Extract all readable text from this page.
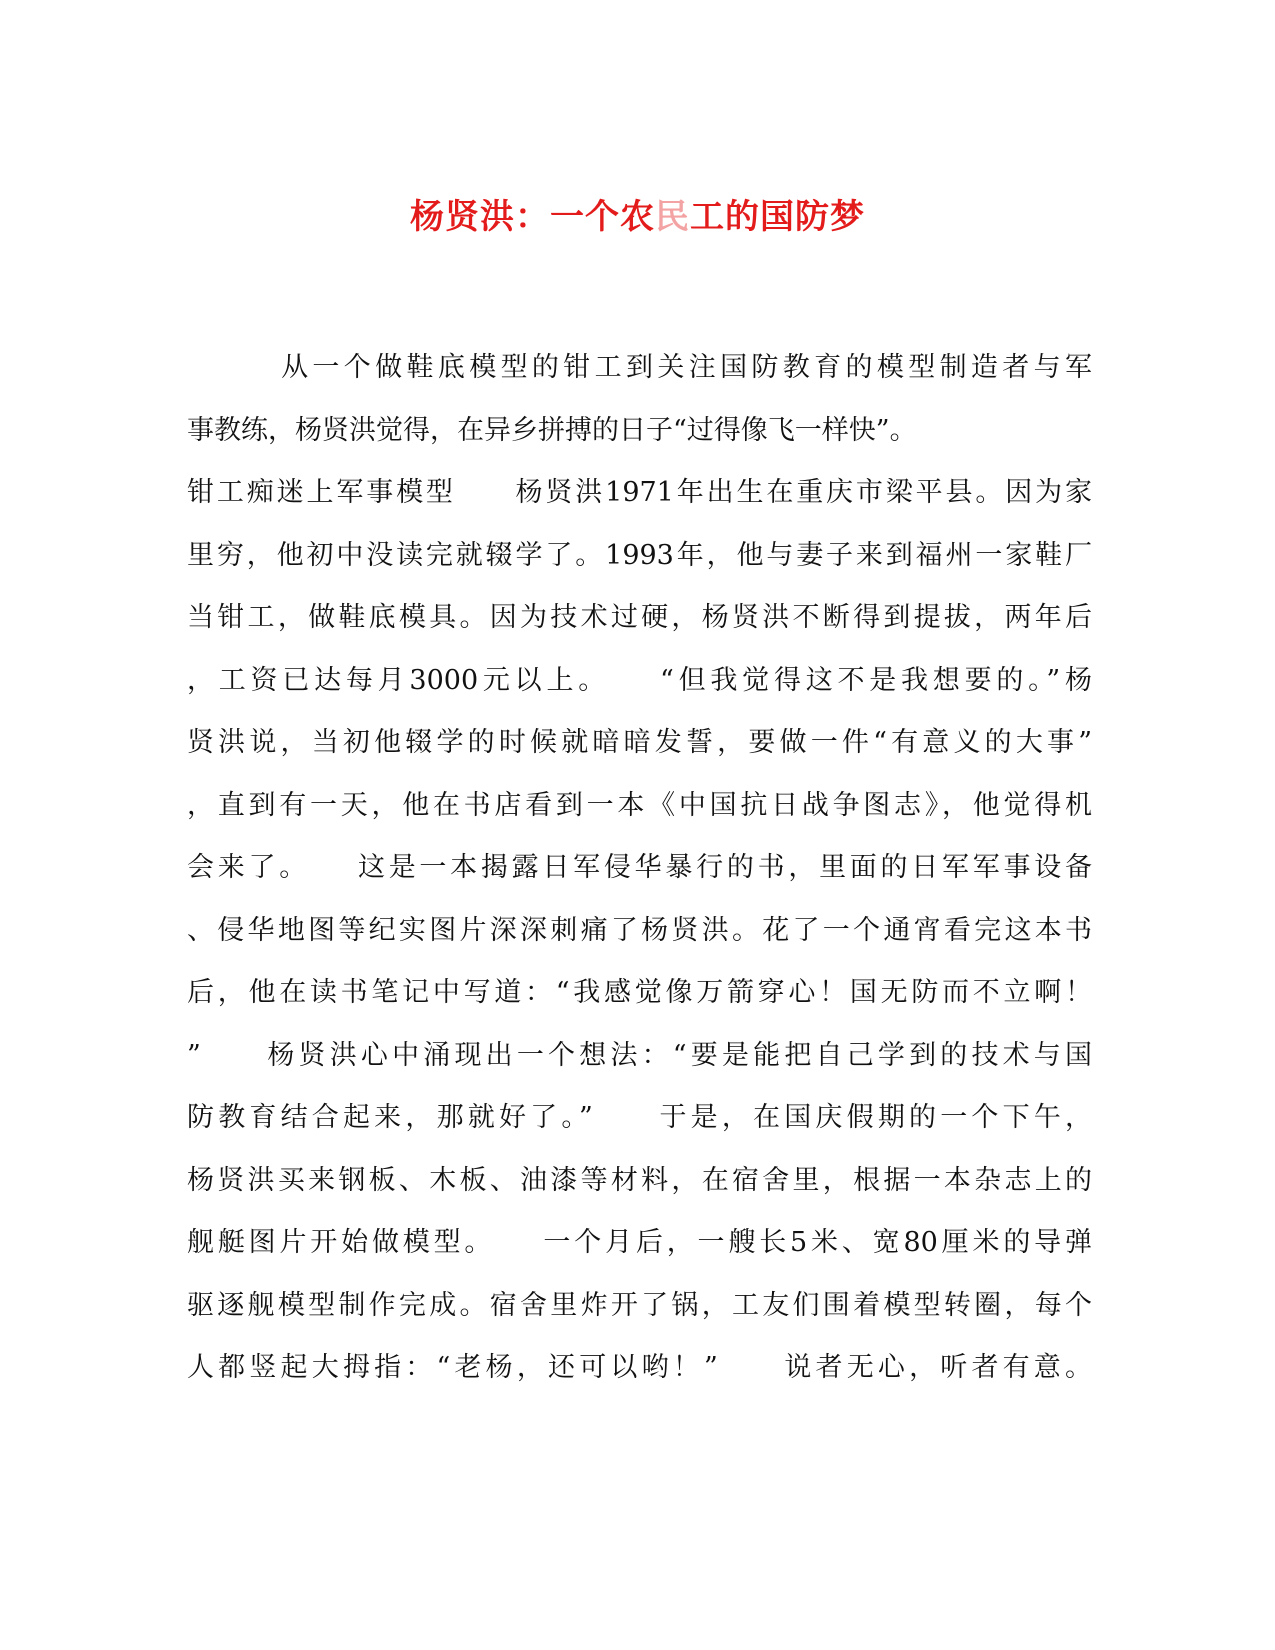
杨贤洪：一个农民工的国防梦
　　　从一个做鞋底模型的钳工到关注国防教育的模型制造者与军
事教练，杨贤洪觉得，在异乡拼搏的日子“过得像飞一样快”。
钳工痴迷上军事模型　　杨贤洪1971年出生在重庆市梁平县。因为家
里穷，他初中没读完就辍学了。1993年，他与妻子来到福州一家鞋厂
当钳工，做鞋底模具。因为技术过硬，杨贤洪不断得到提拔，两年后
，工资已达每月3000元以上。　　“但我觉得这不是我想要的。”杨
贤洪说，当初他辍学的时候就暗暗发誓，要做一件“有意义的大事”
，直到有一天，他在书店看到一本《中国抗日战争图志》，他觉得机
会来了。　　这是一本揭露日军侵华暴行的书，里面的日军军事设备
、侵华地图等纪实图片深深刺痛了杨贤洪。花了一个通宵看完这本书
后，他在读书笔记中写道：“我感觉像万箭穿心！国无防而不立啊！
”　　杨贤洪心中涌现出一个想法：“要是能把自己学到的技术与国
防教育结合起来，那就好了。”　　于是，在国庆假期的一个下午，
杨贤洪买来钢板、木板、油漆等材料，在宿舍里，根据一本杂志上的
舰艇图片开始做模型。　　一个月后，一艘长5米、宽80厘米的导弹
驱逐舰模型制作完成。宿舍里炸开了锅，工友们围着模型转圈，每个
人都竖起大拇指：“老杨，还可以哟！”　　说者无心，听者有意。
